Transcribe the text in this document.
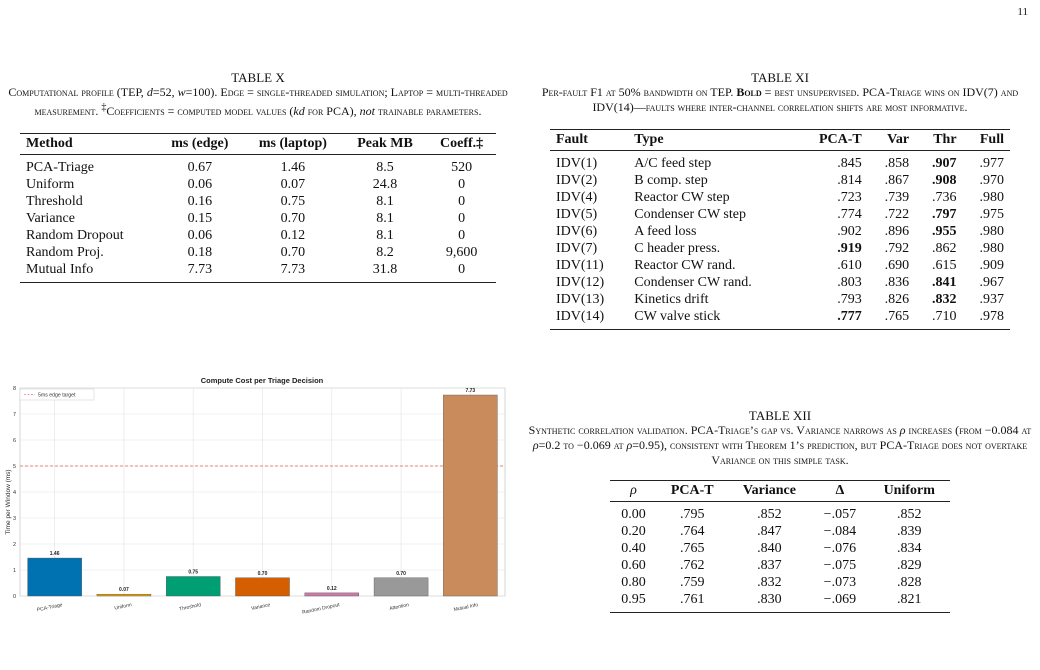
11
TABLE X
Computational profile (TEP, d=52, w=100). Edge = single-threaded simulation; Laptop = multi-threaded measurement. ‡Coefficients = computed model values (kd for PCA), not trainable parameters.
Method	ms (edge)	ms (laptop)	Peak MB	Coeff.‡
PCA-Triage	0.67	1.46	8.5	520
Uniform	0.06	0.07	24.8	0
Threshold	0.16	0.75	8.1	0
Variance	0.15	0.70	8.1	0
Random Dropout	0.06	0.12	8.1	0
Random Proj.	0.18	0.70	8.2	9,600
Mutual Info	7.73	7.73	31.8	0
TABLE XI
Per-fault F1 at 50% bandwidth on TEP. Bold = best unsupervised. PCA-Triage wins on IDV(7) and IDV(14)—faults where inter-channel correlation shifts are most informative.
Fault	Type	PCA-T	Var	Thr	Full
IDV(1)	A/C feed step	.845	.858	.907	.977
IDV(2)	B comp. step	.814	.867	.908	.970
IDV(4)	Reactor CW step	.723	.739	.736	.980
IDV(5)	Condenser CW step	.774	.722	.797	.975
IDV(6)	A feed loss	.902	.896	.955	.980
IDV(7)	C header press.	.919	.792	.862	.980
IDV(11)	Reactor CW rand.	.610	.690	.615	.909
IDV(12)	Condenser CW rand.	.803	.836	.841	.967
IDV(13)	Kinetics drift	.793	.826	.832	.937
IDV(14)	CW valve stick	.777	.765	.710	.978
TABLE XII
Synthetic correlation validation. PCA-Triage’s gap vs. Variance narrows as ρ increases (from −0.084 at ρ=0.2 to −0.069 at ρ=0.95), consistent with Theorem 1’s prediction, but PCA-Triage does not overtake Variance on this simple task.
ρ	PCA-T	Variance	Δ	Uniform
0.00	.795	.852	−.057	.852
0.20	.764	.847	−.084	.839
0.40	.765	.840	−.076	.834
0.60	.762	.837	−.075	.829
0.80	.759	.832	−.073	.828
0.95	.761	.830	−.069	.821
0
1
2
3
4
5
6
7
8
1.46
PCA-Triage
0.07
Uniform
0.75
Threshold
0.70
Variance
0.12
Random Dropout
0.70
Attention
7.73
Mutual Info
Compute Cost per Triage Decision
Time per Window (ms)
5ms edge target
